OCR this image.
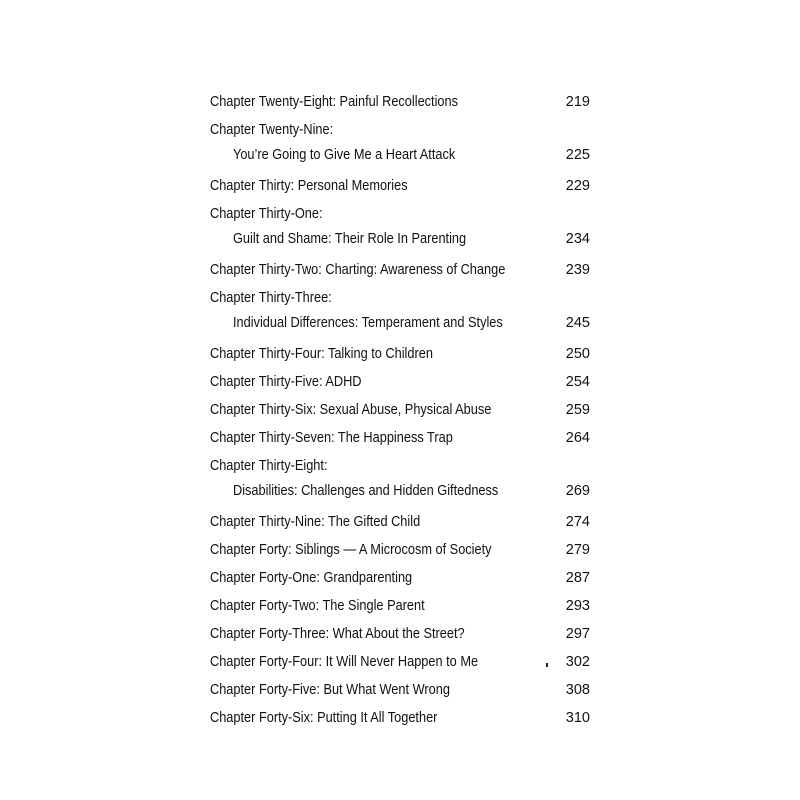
Chapter Twenty-Eight: Painful Recollections	219
Chapter Twenty-Nine:
You’re Going to Give Me a Heart Attack	225
Chapter Thirty: Personal Memories	229
Chapter Thirty-One:
Guilt and Shame: Their Role In Parenting	234
Chapter Thirty-Two: Charting: Awareness of Change	239
Chapter Thirty-Three:
Individual Differences: Temperament and Styles	245
Chapter Thirty-Four: Talking to Children	250
Chapter Thirty-Five: ADHD	254
Chapter Thirty-Six: Sexual Abuse, Physical Abuse	259
Chapter Thirty-Seven: The Happiness Trap	264
Chapter Thirty-Eight:
Disabilities: Challenges and Hidden Giftedness	269
Chapter Thirty-Nine: The Gifted Child	274
Chapter Forty: Siblings — A Microcosm of Society	279
Chapter Forty-One: Grandparenting	287
Chapter Forty-Two: The Single Parent	293
Chapter Forty-Three: What About the Street?	297
Chapter Forty-Four: It Will Never Happen to Me	302
Chapter Forty-Five: But What Went Wrong	308
Chapter Forty-Six: Putting It All Together	310
